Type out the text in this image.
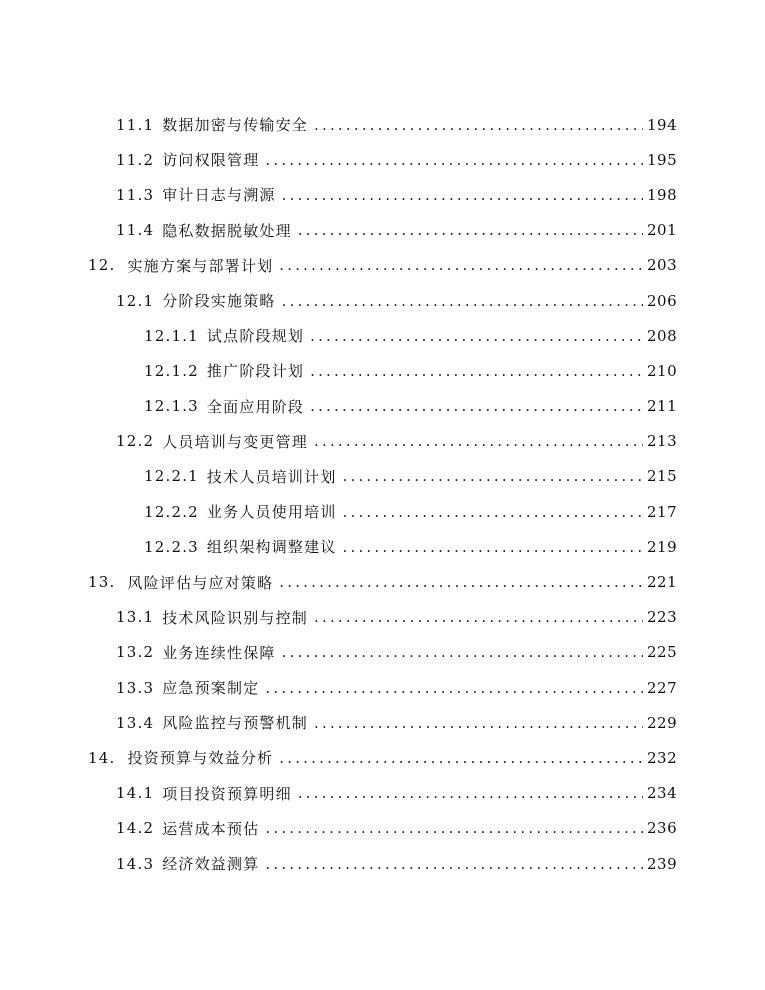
11.1 数据加密与传输安全 .....	194
11.2 访问权限管理 .....	195
11.3 审计日志与溯源 .....	198
11.4 隐私数据脱敏处理 .....	201
12. 实施方案与部署计划 .....	203
12.1 分阶段实施策略 .....	206
12.1.1 试点阶段规划 .....	208
12.1.2 推广阶段计划 .....	210
12.1.3 全面应用阶段 .....	211
12.2 人员培训与变更管理 .....	213
12.2.1 技术人员培训计划 .....	215
12.2.2 业务人员使用培训 .....	217
12.2.3 组织架构调整建议 .....	219
13. 风险评估与应对策略 .....	221
13.1 技术风险识别与控制 .....	223
13.2 业务连续性保障 .....	225
13.3 应急预案制定 .....	227
13.4 风险监控与预警机制 .....	229
14. 投资预算与效益分析 .....	232
14.1 项目投资预算明细 .....	234
14.2 运营成本预估 .....	236
14.3 经济效益测算 .....	239
